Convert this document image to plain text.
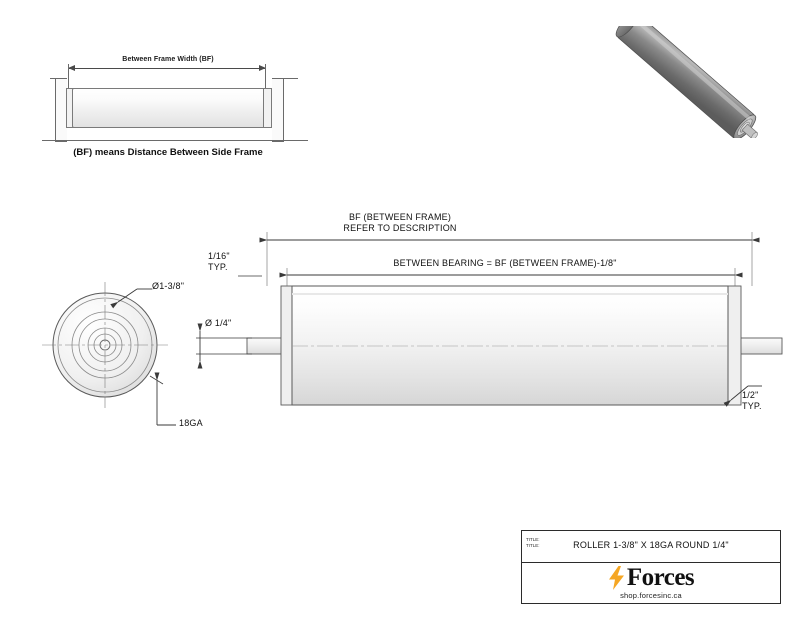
Between Frame Width (BF)
(BF) means Distance Between Side Frame
BF (BETWEEN FRAME)
REFER TO DESCRIPTION
BETWEEN BEARING = BF (BETWEEN FRAME)-1/8"
1/16"
TYP.
1/2"
TYP.
Ø 1/4"
Ø1-3/8"
18GA
TITLE:
TITLE:	ROLLER 1-3/8" X 18GA ROUND 1/4"
Forces
shop.forcesinc.ca
